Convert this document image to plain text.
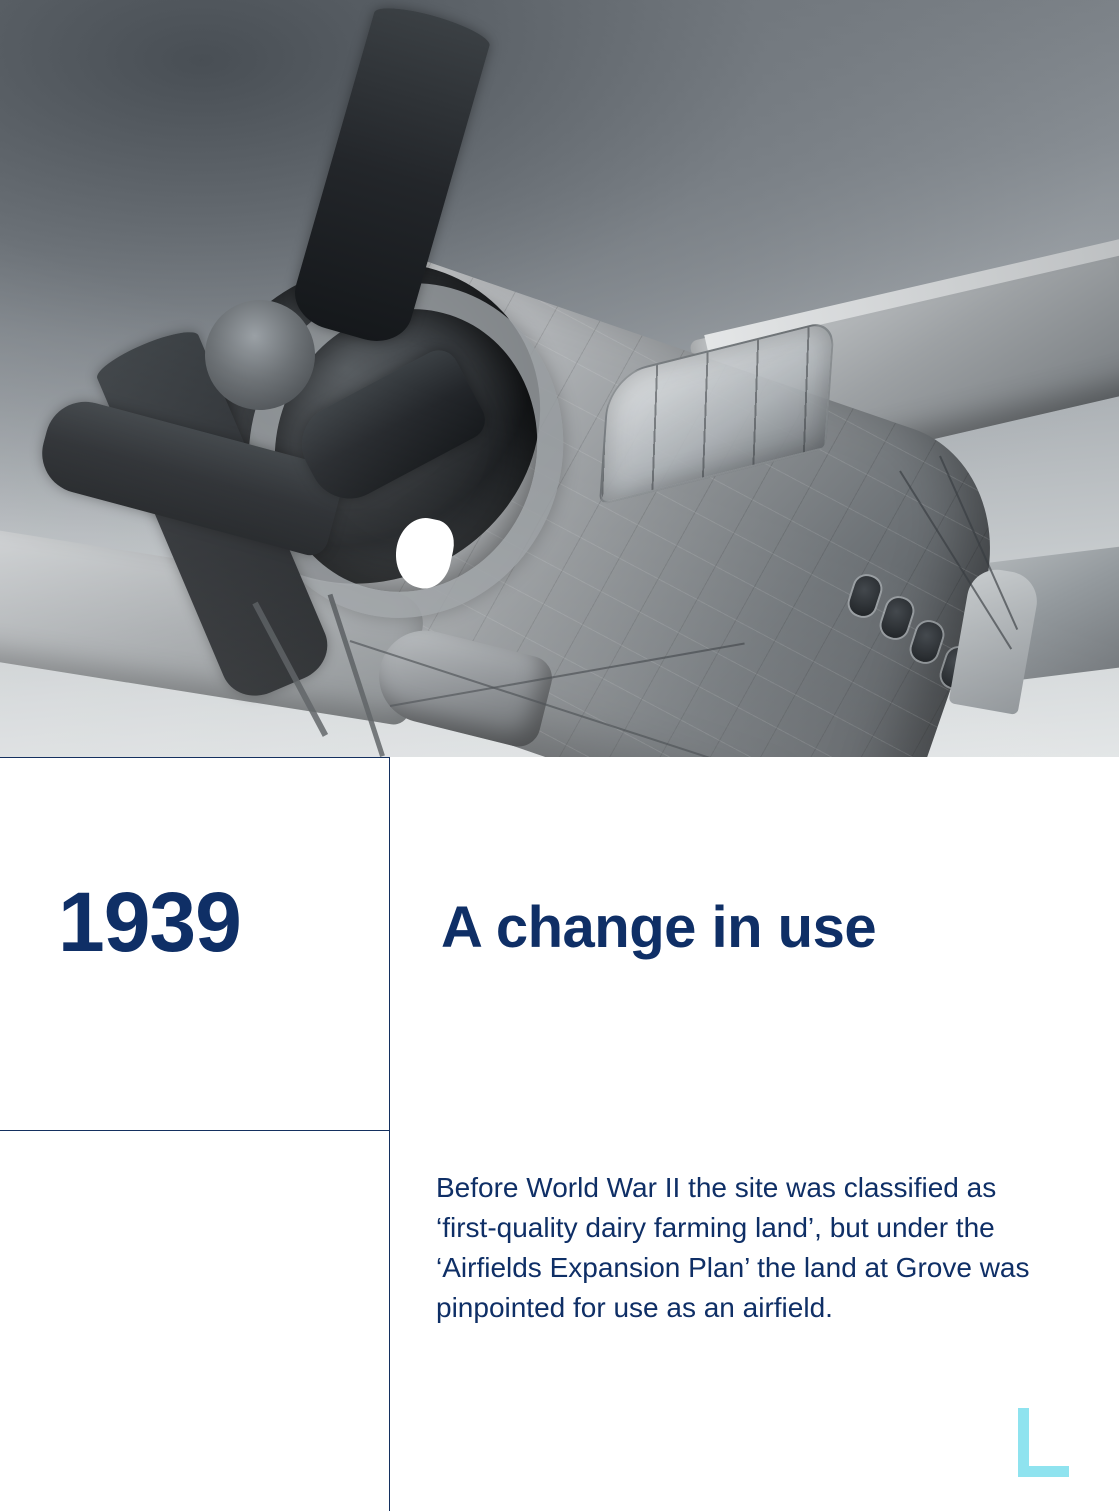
1939	A change in use
Before World War II the site was classified as ‘first-quality dairy farming land’, but under the ‘Airfields Expansion Plan’ the land at Grove was pinpointed for use as an airfield.
